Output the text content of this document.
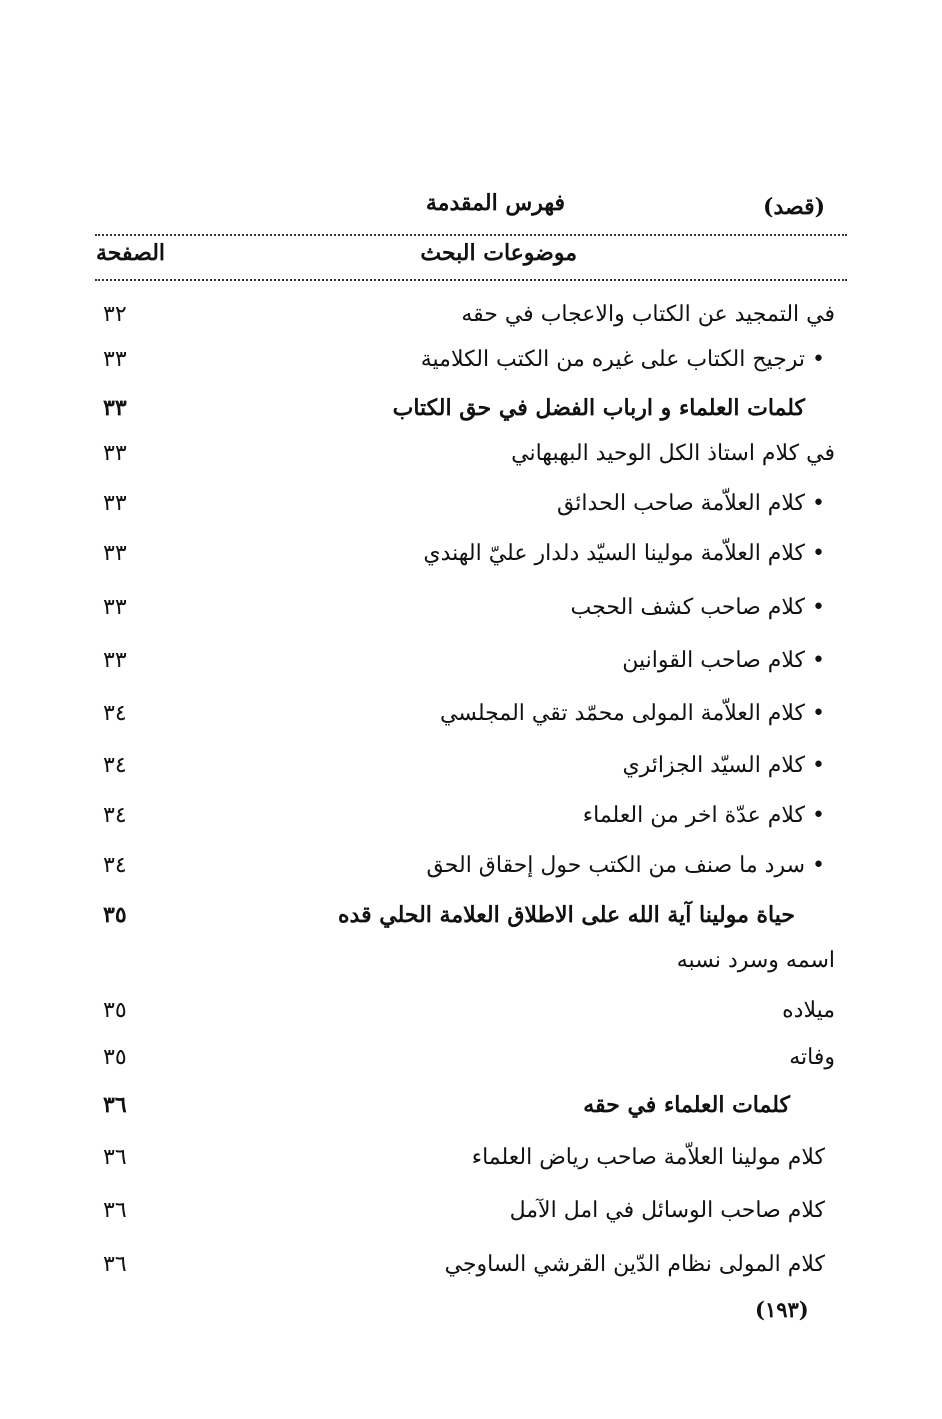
(قصد)
فهرس المقدمة
موضوعات البحث
الصفحة
في التمجيد عن الكتاب والاعجاب في حقه
٣٢
• ترجيح الكتاب على غيره من الكتب الكلامية
٣٣
كلمات العلماء و ارباب الفضل في حق الكتاب
٣٣
في كلام استاذ الكل الوحيد البهبهاني
٣٣
• كلام العلاّمة صاحب الحدائق
٣٣
• كلام العلاّمة مولينا السيّد دلدار عليّ الهندي
٣٣
• كلام صاحب كشف الحجب
٣٣
• كلام صاحب القوانين
٣٣
• كلام العلاّمة المولى محمّد تقي المجلسي
٣٤
• كلام السيّد الجزائري
٣٤
• كلام عدّة اخر من العلماء
٣٤
• سرد ما صنف من الكتب حول إحقاق الحق
٣٤
حياة مولينا آية الله على الاطلاق العلامة الحلي قده
٣٥
اسمه وسرد نسبه
ميلاده
٣٥
وفاته
٣٥
كلمات العلماء في حقه
٣٦
كلام مولينا العلاّمة صاحب رياض العلماء
٣٦
كلام صاحب الوسائل في امل الآمل
٣٦
كلام المولى نظام الدّين القرشي الساوجي
٣٦
(١٩٣)
